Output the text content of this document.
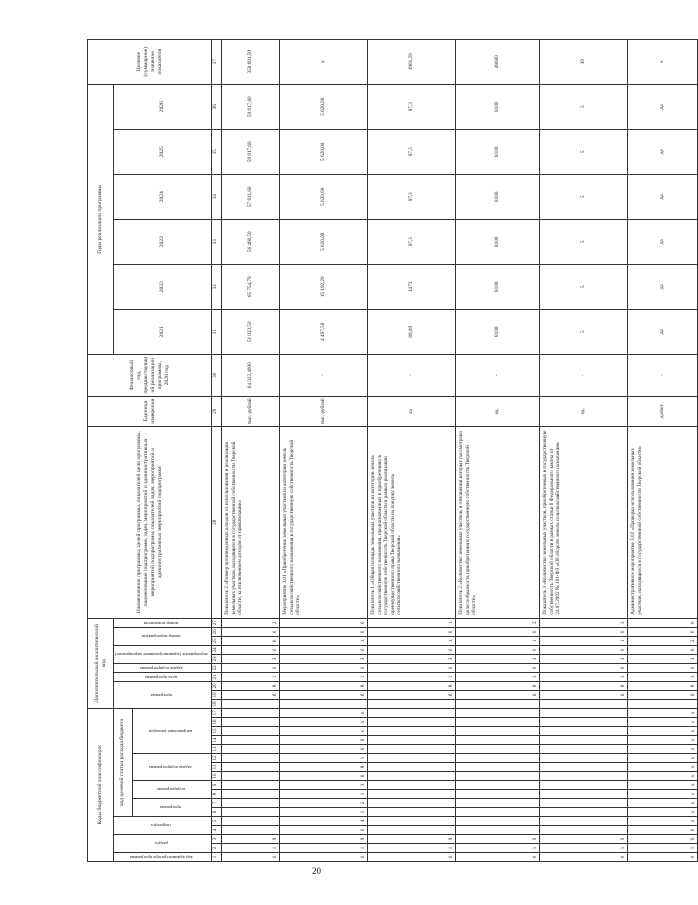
20
Коды бюджетной классификации																	Дополнительный аналитический код										Наименование программы, целей программы, показателей цели программы, наименование подпрограмм, задач, мероприятий и административных мероприятий подпрограмм, показателей задач, мероприятий и административных мероприятий подпрограмм	Единица измерения	Финансовый год, предшествующий реализации программы, 2020 год	Годы реализации программы						Целевое (суммарное) значение показателя
код администратора программы	раздел		подраздел		код целевой статьи расхода бюджета												программа			цель программы	задача подпрограммы	мероприятие (административное мероприятие)		номер мероприятия		номер показателя				2021	2022	2023	2024	2025	2026	
					программа		подпрограмма		задача подпрограммы			направление расходов																								
1	2	3	4	5	6	7	8	9	10	11	12	13	14	15	16	17	18	19	20	21	22	23	24	25	26	27	28	29	30	31	32	33	34	35	36	37
0	1	9																6	8	1	0	3	0	0	0	2	Показатель 2 «Размер произведенных доходов от использования и реализации земельных участков, находящихся в государственной собственности Тверской области, за исключением доходов от приватизации»	тыс. рублей	64 322,4000	51 023,50	65 754,70	56 466,50	57 811,60	59 817,60	59 817,60	350 691,50
0	1	9	0	4	1	2	1	3	6	8	1	0	6	х	х	х		6	8	1	0	3	0	1	0	0	Мероприятие 3.01 «Приобретение земельных участков из категории земель сельскохозяйственного назначения в государственную собственность Тверской области»	тыс. рублей	-	4 497,50	15 192,20	5 620,00	5 620,00	5 620,00	5 620,00	х
0	1	9																6	8	1	0	3	0	1	0	1	Показатель 1 «Общая площадь земельных участков из категории земель сельскохозяйственного назначения, предназначенных к приобретению в государственную собственность Тверской области в рамках реализации преимущественного права Тверской области на покупку земель сельскохозяйственного назначения»	га	-	89,09	1473	97,3	97,3	97,3	97,3	1961,29
0	1	9																6	8	1	0	3	0	1	0	2	Показатель 2 «Количество земельных участков, в отношении которых рассмотрено целесообразность приобретения в государственную собственность Тверской области»	ед.	-	8100	8100	8100	8100	8100	8100	48600
0	1	9																6	8	1	0	3	0	1	0	3	Показатель 3 «Количество земельных участков, приобретенных в государственную собственность Тверской области в рамках статьи 8 Федерального закона от 24.07.2002 № 101-ФЗ «Об обороте земель сельскохозяйственного назначения»	ед.	-	5	5	5	5	5	5	30
0	1	9	0	х	х	х	х	х	х	х	х	х	х	х	х	х		6	8	1	0	3	0	2	0	0	Административное мероприятие 3.02 «Проверка использования земельных участков, находящихся в государственной собственности Тверской области»	да/нет	-	да	да	да	да	да	да	х
